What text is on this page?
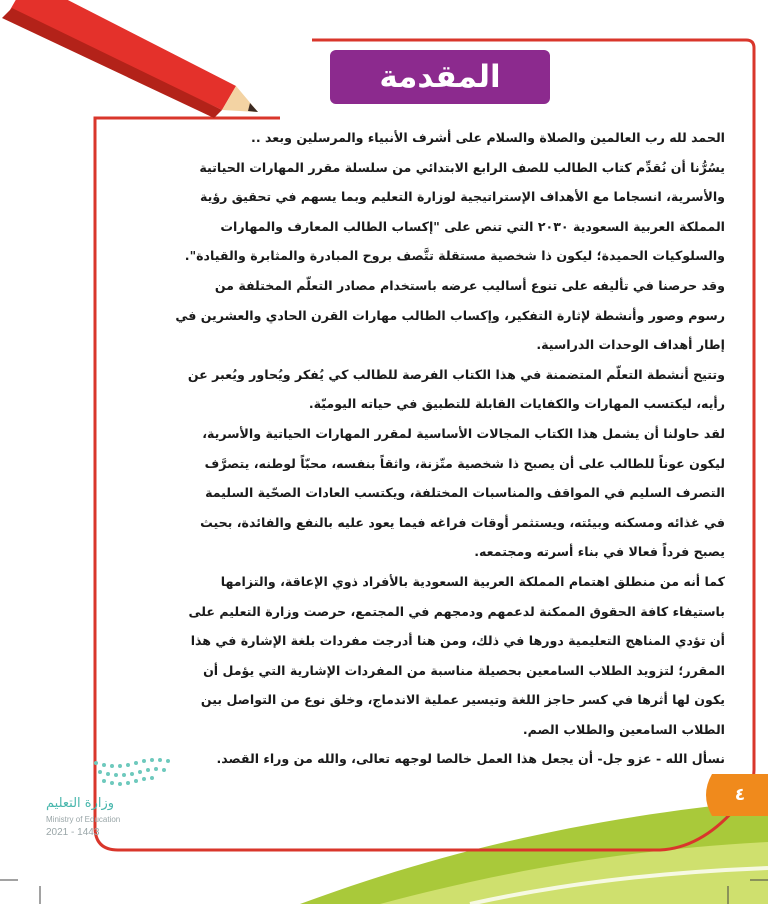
المقدمة
الحمد لله رب العالمين والصلاة والسلام على أشرف الأنبياء والمرسلين وبعد ..
يسُرُّنا أن نُقدِّم كتاب الطالب للصف الرابع الابتدائي من سلسلة مقرر المهارات الحياتية
والأسرية، انسجاما مع الأهداف الإستراتيجية لوزارة التعليم وبما يسهم في تحقيق رؤية
المملكة العربية السعودية ٢٠٣٠ التي تنص على "إكساب الطالب المعارف والمهارات
والسلوكيات الحميدة؛ ليكون ذا شخصية مستقلة تتَّصف بروح المبادرة والمثابرة والقيادة".
وقد حرصنا في تأليفه على تنوع أساليب عرضه باستخدام مصادر التعلّم المختلفة من
رسوم وصور وأنشطة لإثارة التفكير، وإكساب الطالب مهارات القرن الحادي والعشرين في
إطار أهداف الوحدات الدراسية.
وتتيح أنشطة التعلّم المتضمنة في هذا الكتاب الفرصة للطالب كي يُفكر ويُحاور ويُعبر عن
رأيه، ليكتسب المهارات والكفايات القابلة للتطبيق في حياته اليوميّة.
لقد حاولنا أن يشمل هذا الكتاب المجالات الأساسية لمقرر المهارات الحياتية والأسرية،
ليكون عوناً للطالب على أن يصبح ذا شخصية متّزنة، واثقاً بنفسه، محبّاً لوطنه، يتصرَّف
التصرف السليم في المواقف والمناسبات المختلفة، ويكتسب العادات الصحّية السليمة
في غذائه ومسكنه وبيئته، ويستثمر أوقات فراغه فيما يعود عليه بالنفع والفائدة، بحيث
يصبح فرداً فعالا في بناء أسرته ومجتمعه.
كما أنه من منطلق اهتمام المملكة العربية السعودية بالأفراد ذوي الإعاقة، والتزامها
باستيفاء كافة الحقوق الممكنة لدعمهم ودمجهم في المجتمع، حرصت وزارة التعليم على
أن تؤدي المناهج التعليمية دورها في ذلك، ومن هنا أدرجت مفردات بلغة الإشارة في هذا
المقرر؛ لتزويد الطلاب السامعين بحصيلة مناسبة من المفردات الإشارية التي يؤمل أن
يكون لها أثرها في كسر حاجز اللغة وتيسير عملية الاندماج، وخلق نوع من التواصل بين
الطلاب السامعين والطلاب الصم.
نسأل الله - عزو جل- أن يجعل هذا العمل خالصا لوجهه تعالى، والله من وراء القصد.
٤
وزارة التعليم
Ministry of Education
2021 - 1443
